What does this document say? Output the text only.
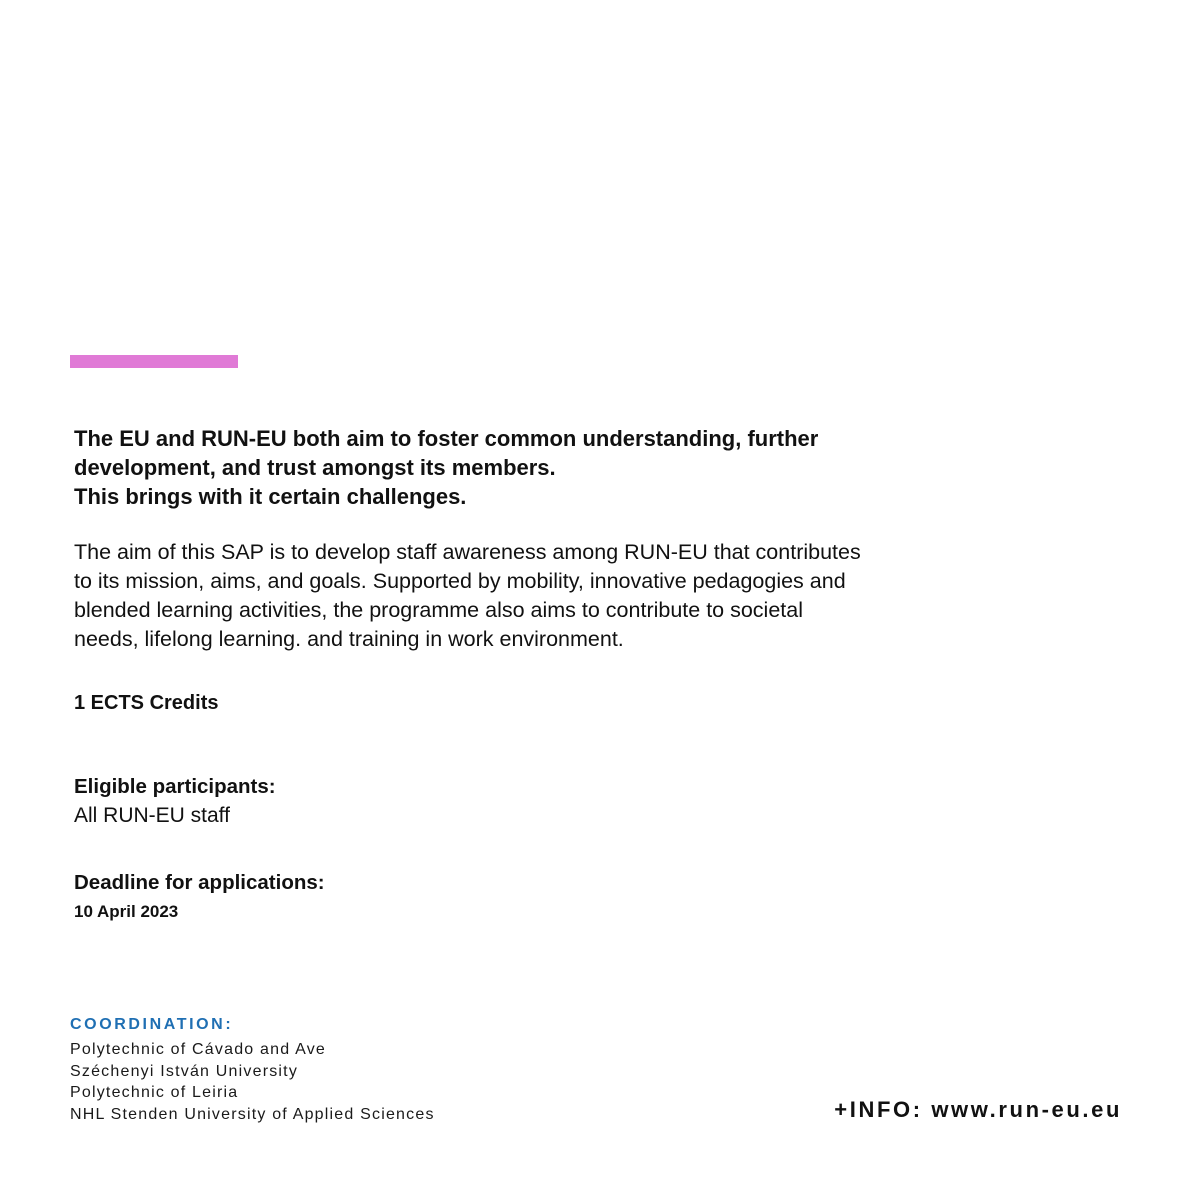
The EU and RUN-EU both aim to foster common understanding, further
development, and trust amongst its members.
This brings with it certain challenges.

The aim of this SAP is to develop staff awareness among RUN-EU that contributes
to its mission, aims, and goals. Supported by mobility, innovative pedagogies and
blended learning activities, the programme also aims to contribute to societal
needs, lifelong learning. and training in work environment.

1 ECTS Credits

Eligible participants:

All RUN-EU staff

Deadline for applications:

10 April 2023

COORDINATION:

Polytechnic of Cávado and Ave
Széchenyi István University
Polytechnic of Leiria
NHL Stenden University of Applied Sciences	+INFO: www.run-eu.eu
